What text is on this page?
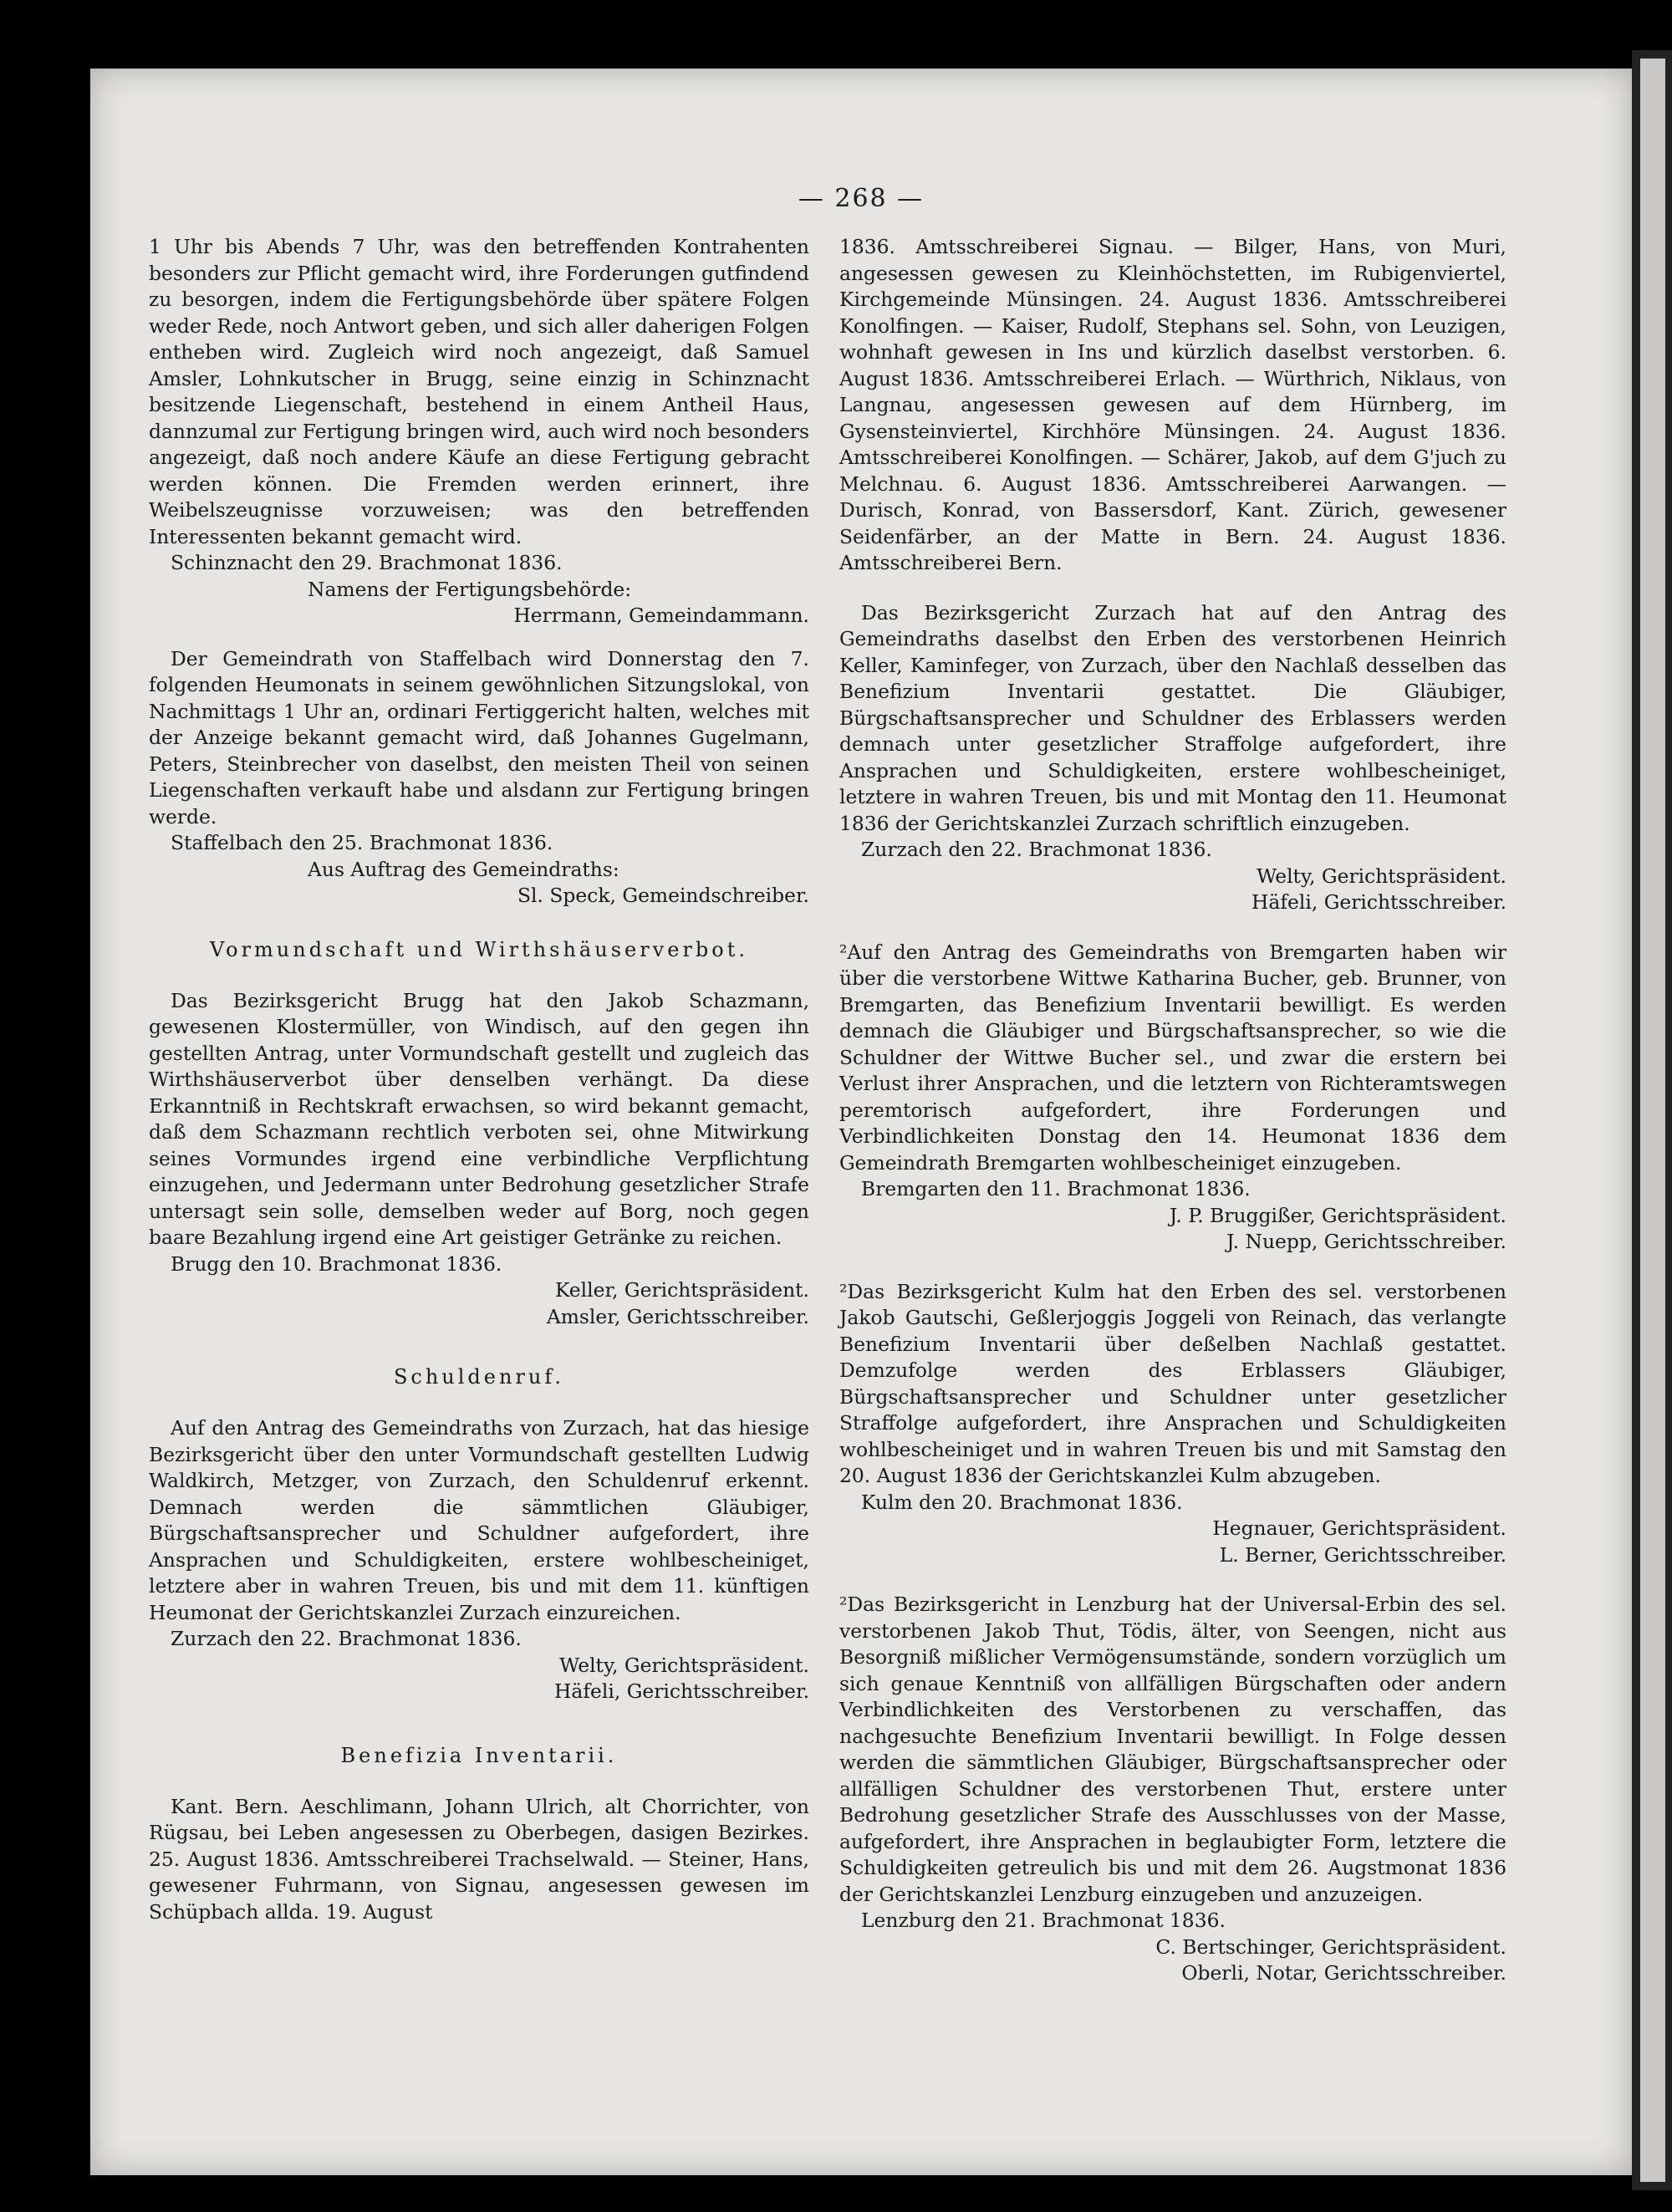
— 268 —

1 Uhr bis Abends 7 Uhr, was den betreffenden Kontrahenten besonders zur Pflicht gemacht wird, ihre Forderungen gutfindend zu besorgen, indem die Fertigungsbehörde über spätere Folgen weder Rede, noch Antwort geben, und sich aller daherigen Folgen entheben wird. Zugleich wird noch angezeigt, daß Samuel Amsler, Lohnkutscher in Brugg, seine einzig in Schinznacht besitzende Liegenschaft, bestehend in einem Antheil Haus, dannzumal zur Fertigung bringen wird, auch wird noch besonders angezeigt, daß noch andere Käufe an diese Fertigung gebracht werden können. Die Fremden werden erinnert, ihre Weibelszeugnisse vorzuweisen; was den betreffenden Interessenten bekannt gemacht wird.

Schinznacht den 29. Brachmonat 1836.

Namens der Fertigungsbehörde:

Herrmann, Gemeindammann.

Der Gemeindrath von Staffelbach wird Donnerstag den 7. folgenden Heumonats in seinem gewöhnlichen Sitzungslokal, von Nachmittags 1 Uhr an, ordinari Fertiggericht halten, welches mit der Anzeige bekannt gemacht wird, daß Johannes Gugelmann, Peters, Steinbrecher von daselbst, den meisten Theil von seinen Liegenschaften verkauft habe und alsdann zur Fertigung bringen werde.

Staffelbach den 25. Brachmonat 1836.

Aus Auftrag des Gemeindraths:

Sl. Speck, Gemeindschreiber.

Vormundschaft und Wirthshäuserverbot.

Das Bezirksgericht Brugg hat den Jakob Schazmann, gewesenen Klostermüller, von Windisch, auf den gegen ihn gestellten Antrag, unter Vormundschaft gestellt und zugleich das Wirthshäuserverbot über denselben verhängt. Da diese Erkanntniß in Rechtskraft erwachsen, so wird bekannt gemacht, daß dem Schazmann rechtlich verboten sei, ohne Mitwirkung seines Vormundes irgend eine verbindliche Verpflichtung einzugehen, und Jedermann unter Bedrohung gesetzlicher Strafe untersagt sein solle, demselben weder auf Borg, noch gegen baare Bezahlung irgend eine Art geistiger Getränke zu reichen.

Brugg den 10. Brachmonat 1836.

Keller, Gerichtspräsident.

Amsler, Gerichtsschreiber.

Schuldenruf.

Auf den Antrag des Gemeindraths von Zurzach, hat das hiesige Bezirksgericht über den unter Vormundschaft gestellten Ludwig Waldkirch, Metzger, von Zurzach, den Schuldenruf erkennt. Demnach werden die sämmtlichen Gläubiger, Bürgschaftsansprecher und Schuldner aufgefordert, ihre Ansprachen und Schuldigkeiten, erstere wohlbescheiniget, letztere aber in wahren Treuen, bis und mit dem 11. künftigen Heumonat der Gerichtskanzlei Zurzach einzureichen.

Zurzach den 22. Brachmonat 1836.

Welty, Gerichtspräsident.

Häfeli, Gerichtsschreiber.

Benefizia Inventarii.

Kant. Bern. Aeschlimann, Johann Ulrich, alt Chorrichter, von Rügsau, bei Leben angesessen zu Oberbegen, dasigen Bezirkes. 25. August 1836. Amtsschreiberei Trachselwald. — Steiner, Hans, gewesener Fuhrmann, von Signau, angesessen gewesen im Schüpbach allda. 19. August

1836. Amtsschreiberei Signau. — Bilger, Hans, von Muri, angesessen gewesen zu Kleinhöchstetten, im Rubigenviertel, Kirchgemeinde Münsingen. 24. August 1836. Amtsschreiberei Konolfingen. — Kaiser, Rudolf, Stephans sel. Sohn, von Leuzigen, wohnhaft gewesen in Ins und kürzlich daselbst verstorben. 6. August 1836. Amtsschreiberei Erlach. — Würthrich, Niklaus, von Langnau, angesessen gewesen auf dem Hürnberg, im Gysensteinviertel, Kirchhöre Münsingen. 24. August 1836. Amtsschreiberei Konolfingen. — Schärer, Jakob, auf dem G'juch zu Melchnau. 6. August 1836. Amtsschreiberei Aarwangen. — Durisch, Konrad, von Bassersdorf, Kant. Zürich, gewesener Seidenfärber, an der Matte in Bern. 24. August 1836. Amtsschreiberei Bern.

Das Bezirksgericht Zurzach hat auf den Antrag des Gemeindraths daselbst den Erben des verstorbenen Heinrich Keller, Kaminfeger, von Zurzach, über den Nachlaß desselben das Benefizium Inventarii gestattet. Die Gläubiger, Bürgschaftsansprecher und Schuldner des Erblassers werden demnach unter gesetzlicher Straffolge aufgefordert, ihre Ansprachen und Schuldigkeiten, erstere wohlbescheiniget, letztere in wahren Treuen, bis und mit Montag den 11. Heumonat 1836 der Gerichtskanzlei Zurzach schriftlich einzugeben.

Zurzach den 22. Brachmonat 1836.

Welty, Gerichtspräsident.

Häfeli, Gerichtsschreiber.

²Auf den Antrag des Gemeindraths von Bremgarten haben wir über die verstorbene Wittwe Katharina Bucher, geb. Brunner, von Bremgarten, das Benefizium Inventarii bewilligt. Es werden demnach die Gläubiger und Bürgschaftsansprecher, so wie die Schuldner der Wittwe Bucher sel., und zwar die erstern bei Verlust ihrer Ansprachen, und die letztern von Richteramtswegen peremtorisch aufgefordert, ihre Forderungen und Verbindlichkeiten Donstag den 14. Heumonat 1836 dem Gemeindrath Bremgarten wohlbescheiniget einzugeben.

Bremgarten den 11. Brachmonat 1836.

J. P. Bruggißer, Gerichtspräsident.

J. Nuepp, Gerichtsschreiber.

²Das Bezirksgericht Kulm hat den Erben des sel. verstorbenen Jakob Gautschi, Geßlerjoggis Joggeli von Reinach, das verlangte Benefizium Inventarii über deßelben Nachlaß gestattet. Demzufolge werden des Erblassers Gläubiger, Bürgschaftsansprecher und Schuldner unter gesetzlicher Straffolge aufgefordert, ihre Ansprachen und Schuldigkeiten wohlbescheiniget und in wahren Treuen bis und mit Samstag den 20. August 1836 der Gerichtskanzlei Kulm abzugeben.

Kulm den 20. Brachmonat 1836.

Hegnauer, Gerichtspräsident.

L. Berner, Gerichtsschreiber.

²Das Bezirksgericht in Lenzburg hat der Universal-Erbin des sel. verstorbenen Jakob Thut, Tödis, älter, von Seengen, nicht aus Besorgniß mißlicher Vermögensumstände, sondern vorzüglich um sich genaue Kenntniß von allfälligen Bürgschaften oder andern Verbindlichkeiten des Verstorbenen zu verschaffen, das nachgesuchte Benefizium Inventarii bewilligt. In Folge dessen werden die sämmtlichen Gläubiger, Bürgschaftsansprecher oder allfälligen Schuldner des verstorbenen Thut, erstere unter Bedrohung gesetzlicher Strafe des Ausschlusses von der Masse, aufgefordert, ihre Ansprachen in beglaubigter Form, letztere die Schuldigkeiten getreulich bis und mit dem 26. Augstmonat 1836 der Gerichtskanzlei Lenzburg einzugeben und anzuzeigen.

Lenzburg den 21. Brachmonat 1836.

C. Bertschinger, Gerichtspräsident.

Oberli, Notar, Gerichtsschreiber.
